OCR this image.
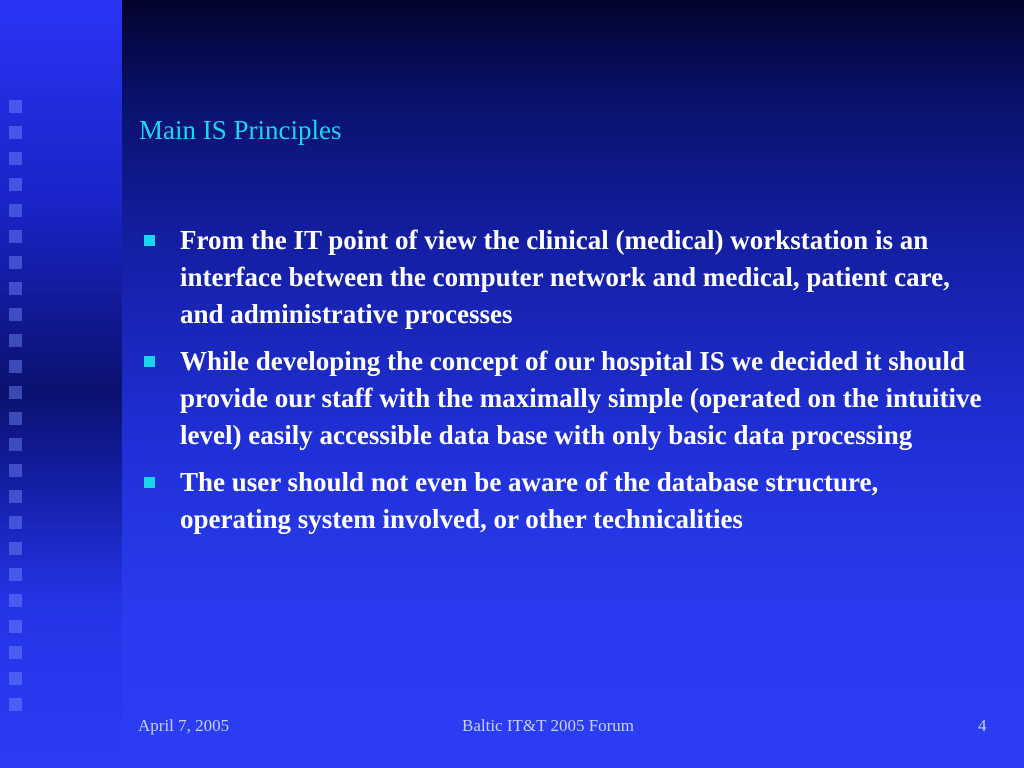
Main IS Principles
From the IT point of view the clinical (medical) workstation is an interface between the computer network and medical, patient care, and administrative processes
While developing the concept of our hospital IS we decided it should provide our staff with the maximally simple (operated on the intuitive level) easily accessible data base with only basic data processing
The user should not even be aware of the database structure, operating system involved, or other technicalities
April 7, 2005	Baltic IT&T 2005 Forum	4
